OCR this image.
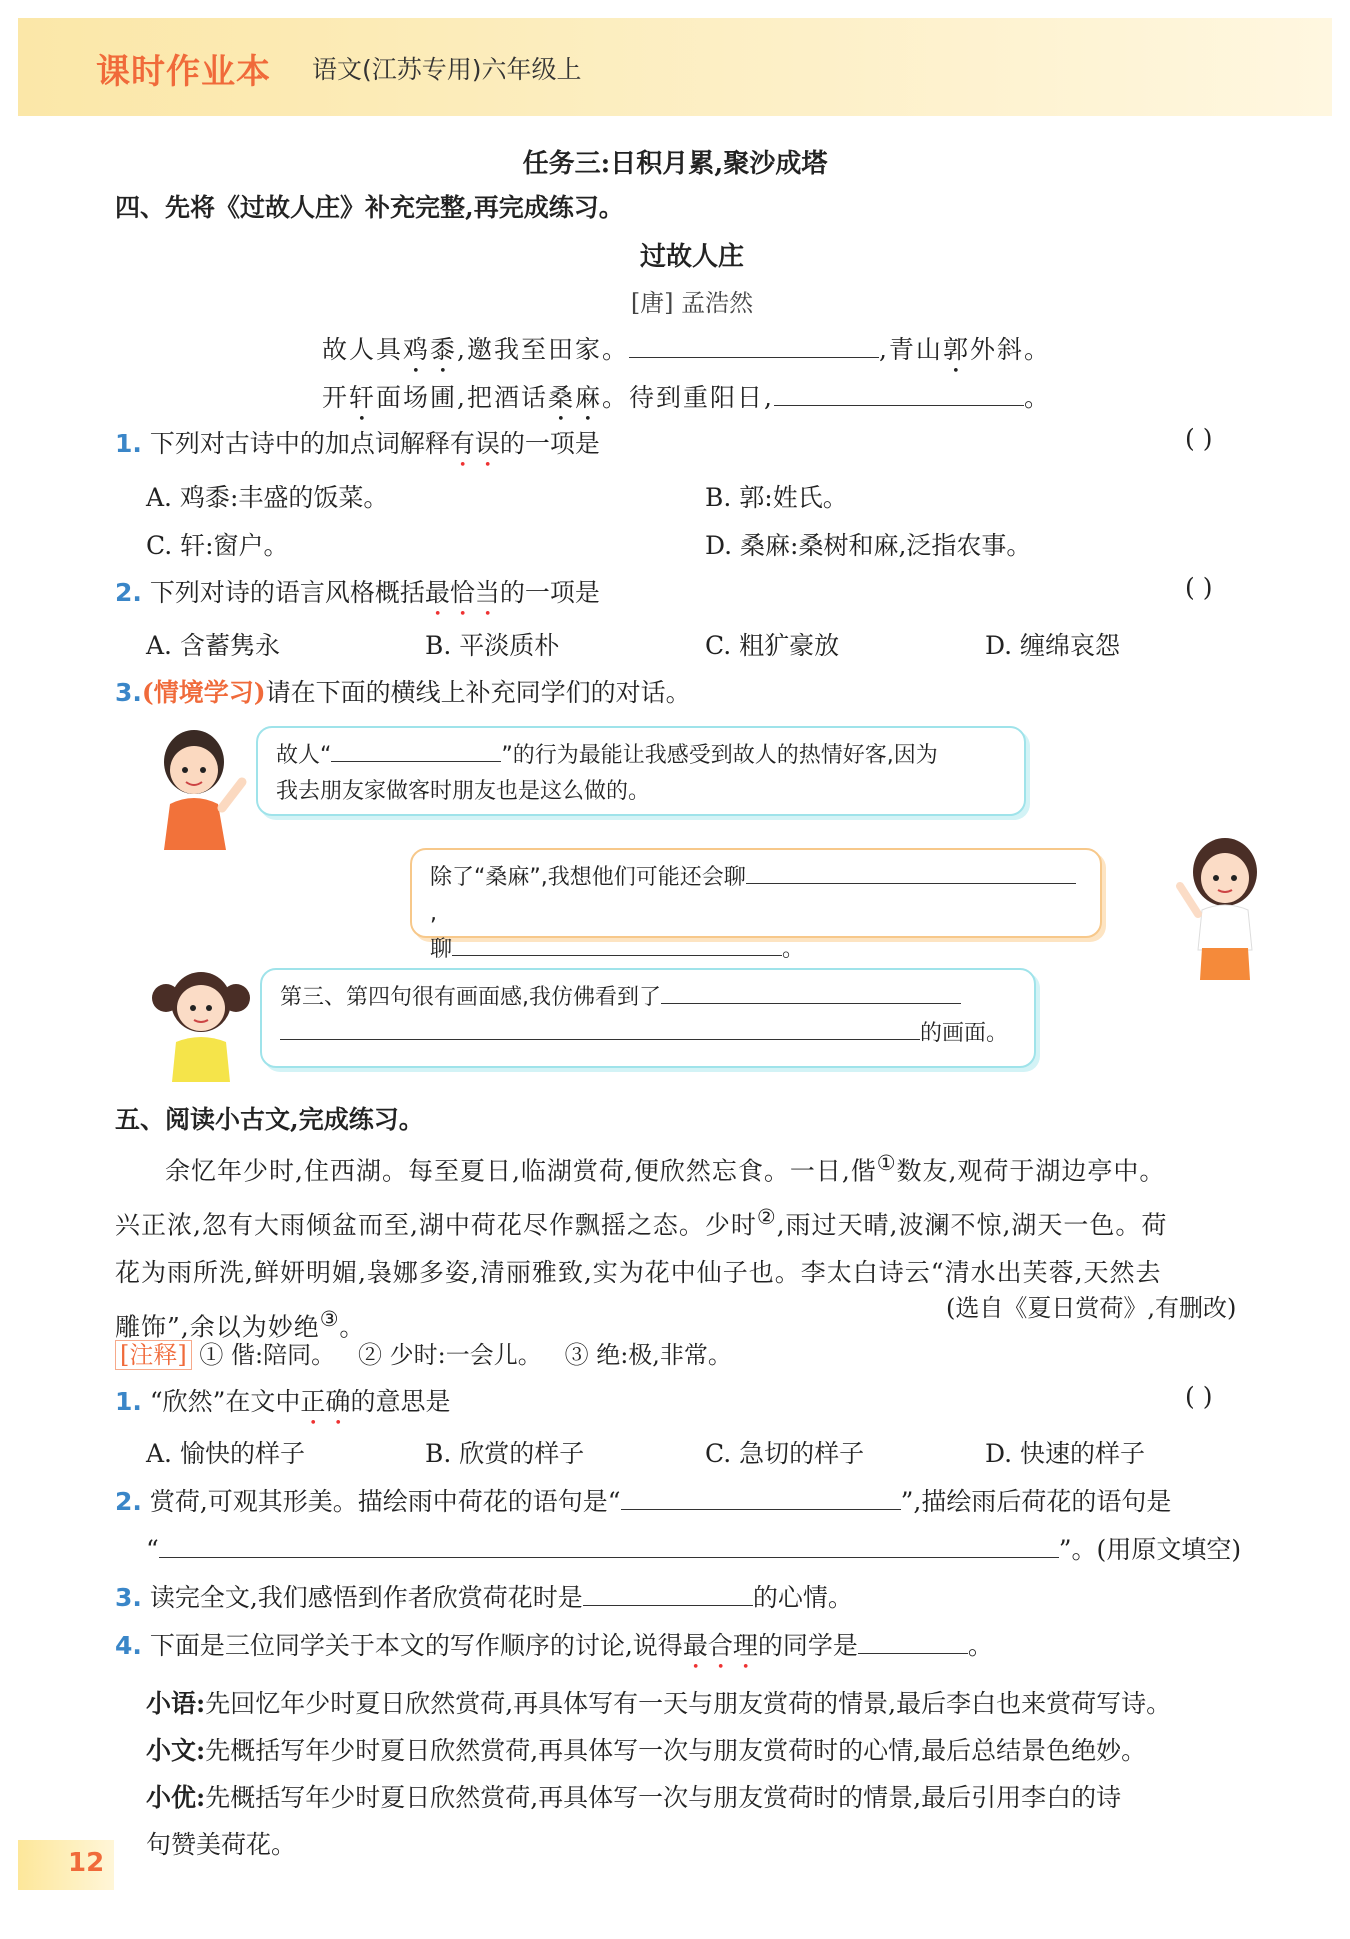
课时作业本 语文(江苏专用)六年级上
任务三:日积月累,聚沙成塔
四、先将《过故人庄》补充完整,再完成练习。
过故人庄
[唐] 孟浩然
故人具鸡黍,邀我至田家。	,青山郭外斜。
开轩面场圃,把酒话桑麻。待到重阳日,	。
1. 下列对古诗中的加点词解释有误的一项是	( )
A. 鸡黍:丰盛的饭菜。	B. 郭:姓氏。
C. 轩:窗户。	D. 桑麻:桑树和麻,泛指农事。
2. 下列对诗的语言风格概括最恰当的一项是	( )
A. 含蓄隽永	B. 平淡质朴	C. 粗犷豪放	D. 缠绵哀怨
3.(情境学习)请在下面的横线上补充同学们的对话。
故人“	”的行为最能让我感受到故人的热情好客,因为
我去朋友家做客时朋友也是这么做的。
除了“桑麻”,我想他们可能还会聊,
聊	。
第三、第四句很有画面感,我仿佛看到了
的画面。
五、阅读小古文,完成练习。
余忆年少时,住西湖。每至夏日,临湖赏荷,便欣然忘食。一日,偕①数友,观荷于湖边亭中。
兴正浓,忽有大雨倾盆而至,湖中荷花尽作飘摇之态。少时②,雨过天晴,波澜不惊,湖天一色。荷
花为雨所洗,鲜妍明媚,袅娜多姿,清丽雅致,实为花中仙子也。李太白诗云“清水出芙蓉,天然去
雕饰”,余以为妙绝③。
(选自《夏日赏荷》,有删改)
[注释] ① 偕:陪同。   ② 少时:一会儿。   ③ 绝:极,非常。
1. “欣然”在文中正确的意思是	( )
A. 愉快的样子	B. 欣赏的样子	C. 急切的样子	D. 快速的样子
2. 赏荷,可观其形美。描绘雨中荷花的语句是“	”,描绘雨后荷花的语句是
“	”。(用原文填空)
3. 读完全文,我们感悟到作者欣赏荷花时是	的心情。
4. 下面是三位同学关于本文的写作顺序的讨论,说得最合理的同学是	。
小语:先回忆年少时夏日欣然赏荷,再具体写有一天与朋友赏荷的情景,最后李白也来赏荷写诗。
小文:先概括写年少时夏日欣然赏荷,再具体写一次与朋友赏荷时的心情,最后总结景色绝妙。
小优:先概括写年少时夏日欣然赏荷,再具体写一次与朋友赏荷时的情景,最后引用李白的诗
句赞美荷花。
12
